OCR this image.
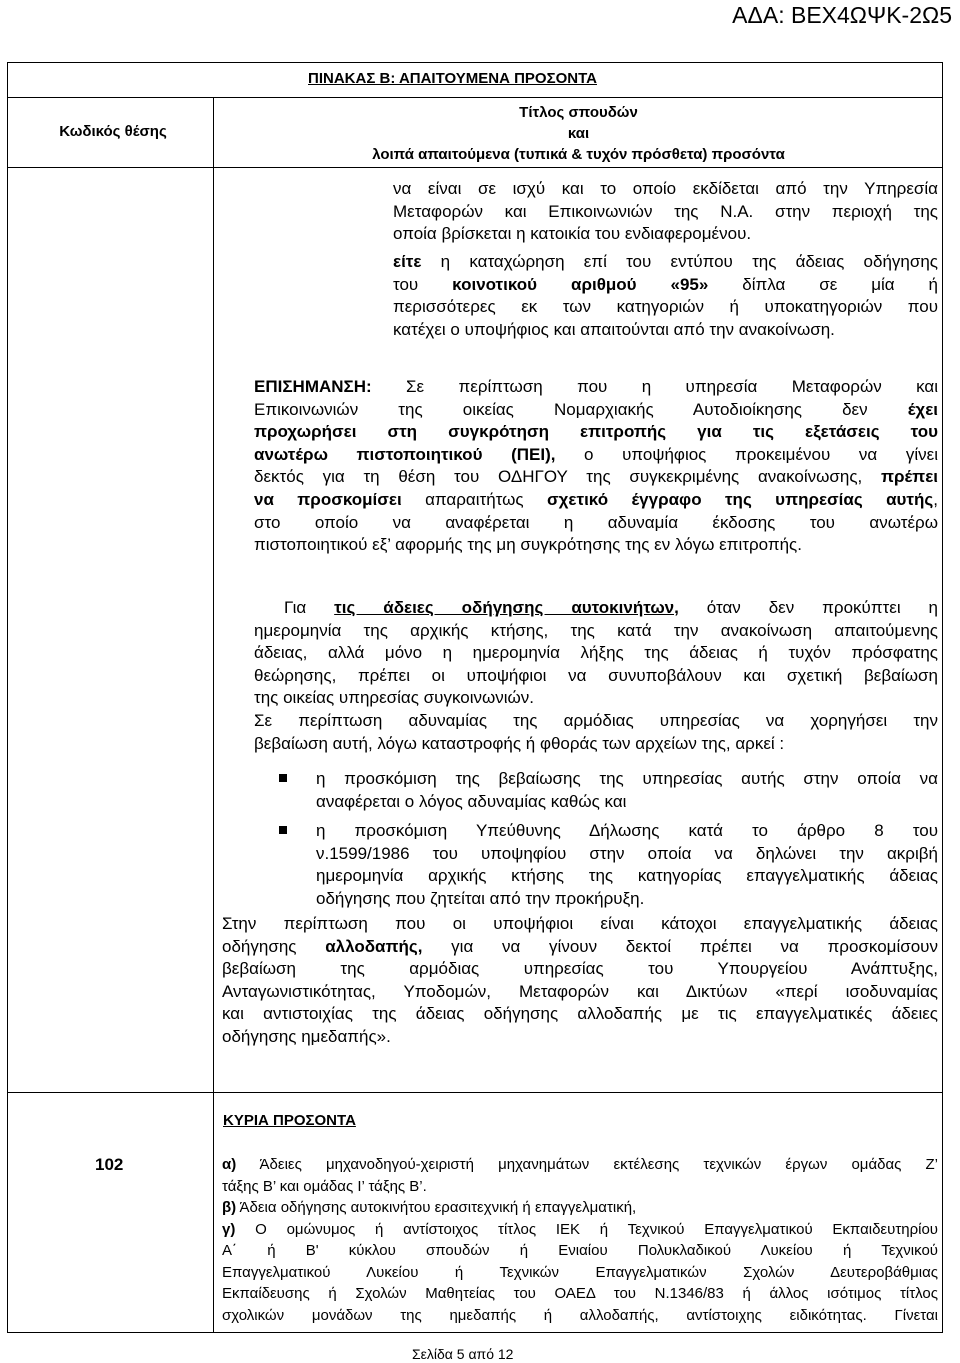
ΑΔΑ: ΒΕΧ4ΩΨΚ-2Ω5
ΠΙΝΑΚΑΣ Β: ΑΠΑΙΤΟΥΜΕΝΑ ΠΡΟΣΟΝΤΑ
Κωδικός θέσης
Τίτλος σπουδών
και
λοιπά απαιτούμενα (τυπικά & τυχόν πρόσθετα) προσόντα
να είναι σε ισχύ και το οποίο εκδίδεται από την Υπηρεσία
Μεταφορών και Επικοινωνιών της Ν.Α. στην περιοχή της
οποία βρίσκεται η κατοικία του ενδιαφερομένου.
είτε η καταχώρηση επί του εντύπου της άδειας οδήγησης
του κοινοτικού αριθμού «95» δίπλα σε μία ή
περισσότερες εκ των κατηγοριών ή υποκατηγοριών που
κατέχει ο υποψήφιος και απαιτούνται από την ανακοίνωση.
ΕΠΙΣΗΜΑΝΣΗ: Σε περίπτωση που η υπηρεσία Μεταφορών και
Επικοινωνιών της οικείας Νομαρχιακής Αυτοδιοίκησης δεν έχει
προχωρήσει στη συγκρότηση επιτροπής για τις εξετάσεις του
ανωτέρω πιστοποιητικού (ΠΕΙ), ο υποψήφιος προκειμένου να γίνει
δεκτός για τη θέση του ΟΔΗΓΟΥ της συγκεκριμένης ανακοίνωσης, πρέπει
να προσκομίσει απαραιτήτως σχετικό έγγραφο της υπηρεσίας αυτής,
στο οποίο να αναφέρεται η αδυναμία έκδοσης του ανωτέρω
πιστοποιητικού εξ’ αφορμής της μη συγκρότησης της εν λόγω επιτροπής.
Για τις άδειες οδήγησης αυτοκινήτων, όταν δεν προκύπτει η
ημερομηνία της αρχικής κτήσης, της κατά την ανακοίνωση απαιτούμενης
άδειας, αλλά μόνο η ημερομηνία λήξης της άδειας ή τυχόν πρόσφατης
θεώρησης, πρέπει οι υποψήφιοι να συνυποβάλουν και σχετική βεβαίωση
της οικείας υπηρεσίας συγκοινωνιών.
Σε περίπτωση αδυναμίας της αρμόδιας υπηρεσίας να χορηγήσει την
βεβαίωση αυτή, λόγω καταστροφής ή φθοράς των αρχείων της, αρκεί :
η προσκόμιση της βεβαίωσης της υπηρεσίας αυτής στην οποία να
αναφέρεται ο λόγος αδυναμίας καθώς και
η προσκόμιση Υπεύθυνης Δήλωσης κατά το άρθρο 8 του
ν.1599/1986 του υποψηφίου στην οποία να δηλώνει την ακριβή
ημερομηνία αρχικής κτήσης της κατηγορίας επαγγελματικής άδειας
οδήγησης που ζητείται από την προκήρυξη.
Στην περίπτωση που οι υποψήφιοι είναι κάτοχοι επαγγελματικής άδειας
οδήγησης αλλοδαπής, για να γίνουν δεκτοί πρέπει να προσκομίσουν
βεβαίωση της αρμόδιας υπηρεσίας του Υπουργείου Ανάπτυξης,
Ανταγωνιστικότητας, Υποδομών, Μεταφορών και Δικτύων «περί ισοδυναμίας
και αντιστοιχίας της άδειας οδήγησης αλλοδαπής με τις επαγγελματικές άδειες
οδήγησης ημεδαπής».
ΚΥΡΙΑ ΠΡΟΣΟΝΤΑ
102	α) Άδειες μηχανοδηγού-χειριστή μηχανημάτων εκτέλεσης τεχνικών έργων ομάδας Ζ’
τάξης Β’ και ομάδας Ι’ τάξης Β’.
β) Άδεια οδήγησης αυτοκινήτου ερασιτεχνική ή επαγγελματική,
γ) Ο ομώνυμος ή αντίστοιχος τίτλος ΙΕΚ ή Τεχνικού Επαγγελματικού Εκπαιδευτηρίου
Α΄ ή Β' κύκλου σπουδών ή Ενιαίου Πολυκλαδικού Λυκείου ή Τεχνικού
Επαγγελματικού Λυκείου ή Τεχνικών Επαγγελματικών Σχολών Δευτεροβάθμιας
Εκπαίδευσης ή Σχολών Μαθητείας του ΟΑΕΔ του Ν.1346/83 ή άλλος ισότιμος τίτλος
σχολικών μονάδων της ημεδαπής ή αλλοδαπής, αντίστοιχης ειδικότητας. Γίνεται
Σελίδα 5 από 12
